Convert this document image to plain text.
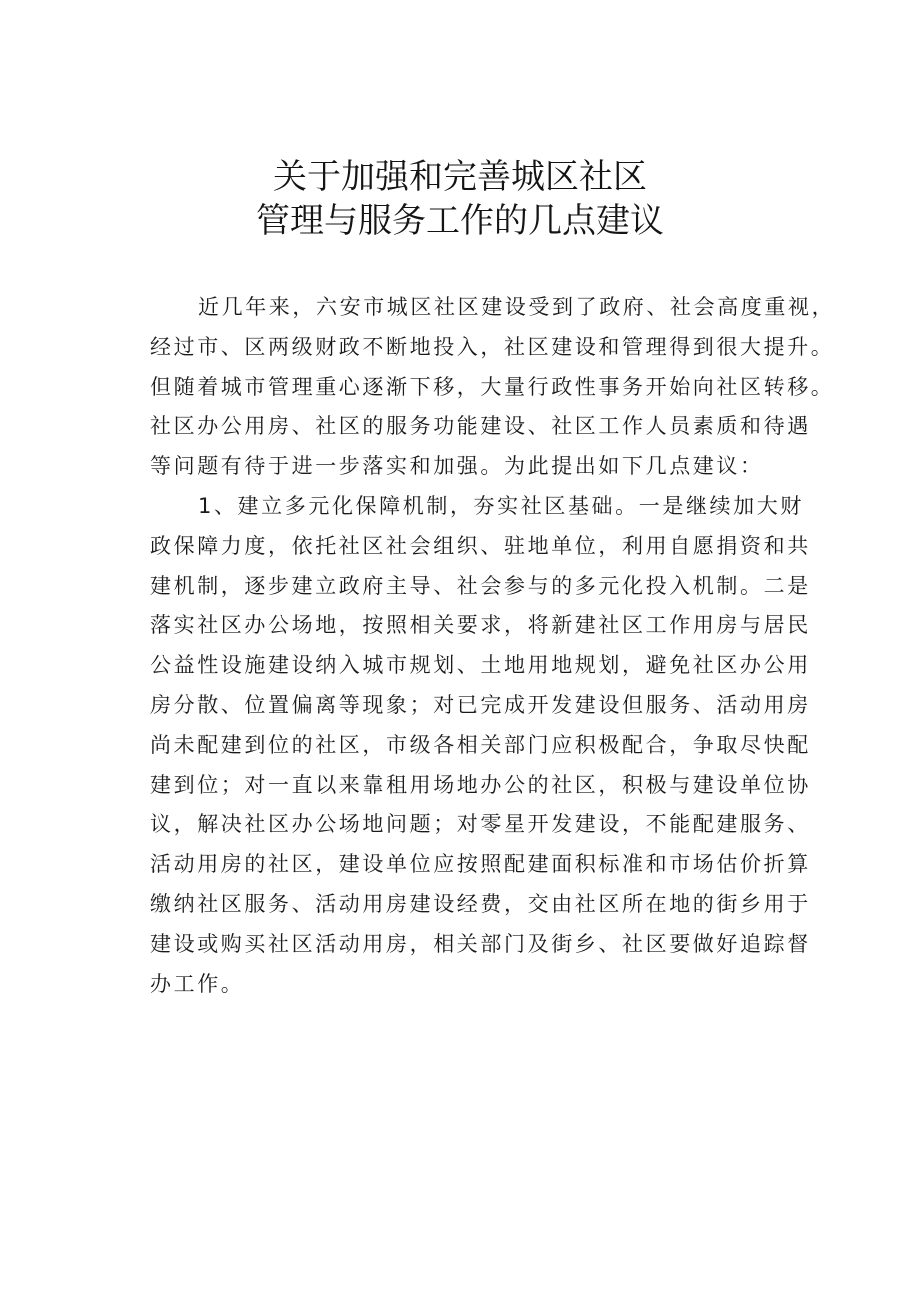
关于加强和完善城区社区
管理与服务工作的几点建议
近几年来，六安市城区社区建设受到了政府、社会高度重视，
经过市、区两级财政不断地投入，社区建设和管理得到很大提升。
但随着城市管理重心逐渐下移，大量行政性事务开始向社区转移。
社区办公用房、社区的服务功能建设、社区工作人员素质和待遇
等问题有待于进一步落实和加强。为此提出如下几点建议：
1、建立多元化保障机制，夯实社区基础。一是继续加大财
政保障力度，依托社区社会组织、驻地单位，利用自愿捐资和共
建机制，逐步建立政府主导、社会参与的多元化投入机制。二是
落实社区办公场地，按照相关要求，将新建社区工作用房与居民
公益性设施建设纳入城市规划、土地用地规划，避免社区办公用
房分散、位置偏离等现象；对已完成开发建设但服务、活动用房
尚未配建到位的社区，市级各相关部门应积极配合，争取尽快配
建到位；对一直以来靠租用场地办公的社区，积极与建设单位协
议，解决社区办公场地问题；对零星开发建设，不能配建服务、
活动用房的社区，建设单位应按照配建面积标准和市场估价折算
缴纳社区服务、活动用房建设经费，交由社区所在地的街乡用于
建设或购买社区活动用房，相关部门及街乡、社区要做好追踪督
办工作。
